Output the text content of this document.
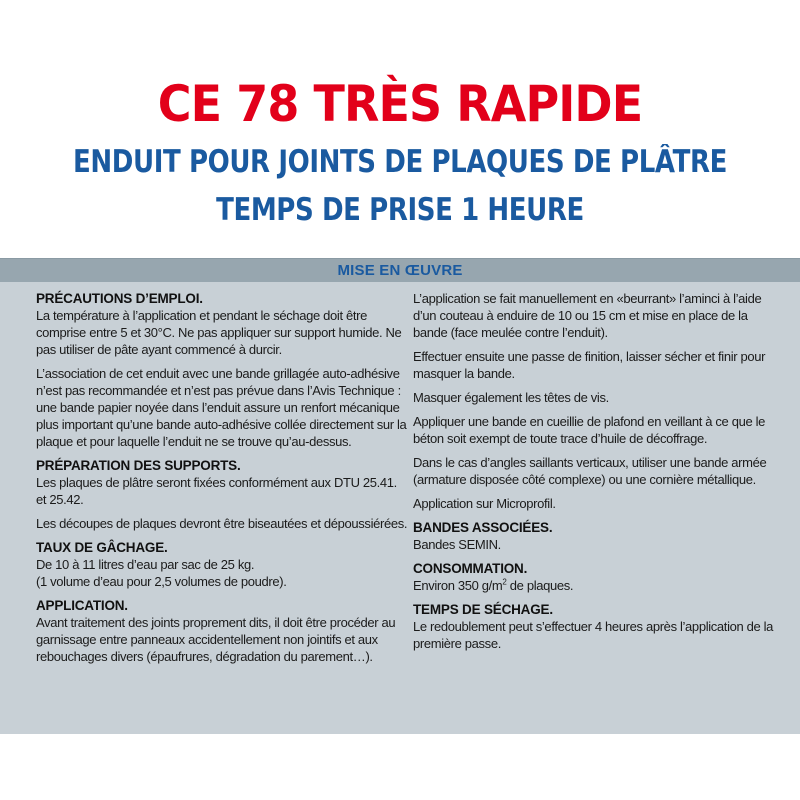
CE 78 TRÈS RAPIDE
ENDUIT POUR JOINTS DE PLAQUES DE PLÂTRE
TEMPS DE PRISE 1 HEURE
MISE EN ŒUVRE
PRÉCAUTIONS D’EMPLOI.

La température à l’application et pendant le séchage doit être comprise entre 5 et 30°C. Ne pas appliquer sur support humide. Ne pas utiliser de pâte ayant commencé à durcir.

L’association de cet enduit avec une bande grillagée auto-adhésive n’est pas recommandée et n’est pas prévue dans l’Avis Technique : une bande papier noyée dans l’enduit assure un renfort mécanique plus important qu’une bande auto-adhésive collée directement sur la plaque et pour laquelle l’enduit ne se trouve qu’au-dessus.

PRÉPARATION DES SUPPORTS.

Les plaques de plâtre seront fixées conformément aux DTU 25.41. et 25.42.

Les découpes de plaques devront être biseautées et dépoussiérées.

TAUX DE GÂCHAGE.

De 10 à 11 litres d’eau par sac de 25 kg.
(1 volume d’eau pour 2,5 volumes de poudre).

APPLICATION.

Avant traitement des joints proprement dits, il doit être procéder au garnissage entre panneaux accidentellement non jointifs et aux rebouchages divers (épaufrures, dégradation du parement…).

L’application se fait manuellement en «beurrant» l’aminci à l’aide d’un couteau à enduire de 10 ou 15 cm et mise en place de la bande (face meulée contre l’enduit).

Effectuer ensuite une passe de finition, laisser sécher et finir pour masquer la bande.

Masquer également les têtes de vis.

Appliquer une bande en cueillie de plafond en veillant à ce que le béton soit exempt de toute trace d’huile de décoffrage.

Dans le cas d’angles saillants verticaux, utiliser une bande armée (armature disposée côté complexe) ou une cornière métallique.

Application sur Microprofil.

BANDES ASSOCIÉES.

Bandes SEMIN.

CONSOMMATION.

Environ 350 $g/m^2$ de plaques.

TEMPS DE SÉCHAGE.

Le redoublement peut s’effectuer 4 heures après l’application de la première passe.
